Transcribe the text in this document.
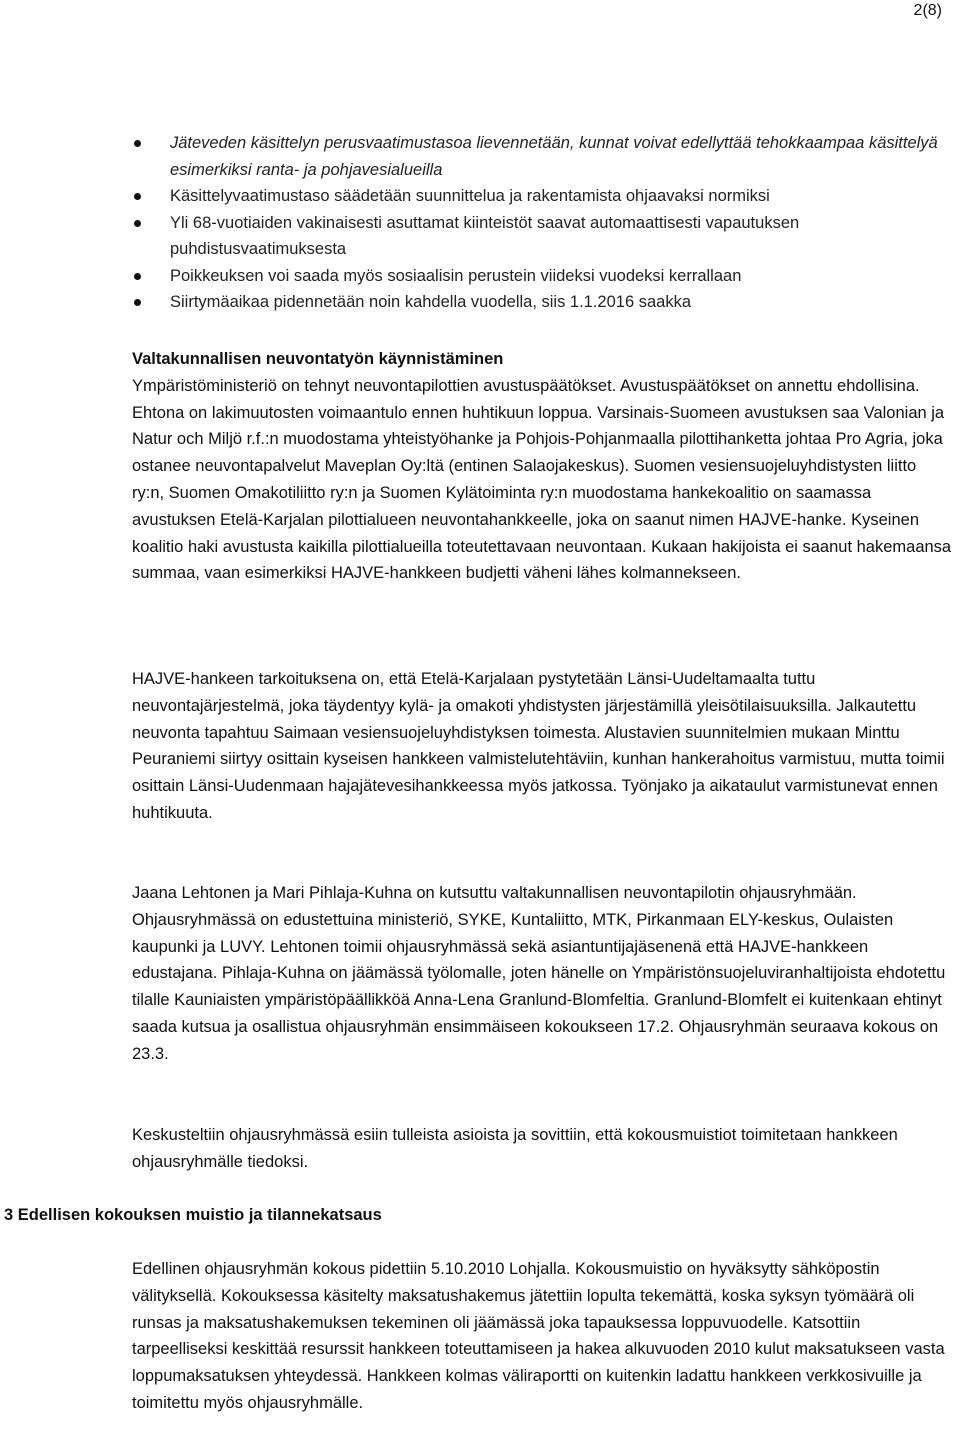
2(8)
Jäteveden käsittelyn perusvaatimustasoa lievennetään, kunnat voivat edellyttää tehokkaampaa käsittelyä esimerkiksi ranta- ja pohjavesialueilla
Käsittelyvaatimustaso säädetään suunnittelua ja rakentamista ohjaavaksi normiksi
Yli 68-vuotiaiden vakinaisesti asuttamat kiinteistöt saavat automaattisesti vapautuksen puhdistusvaatimuksesta
Poikkeuksen voi saada myös sosiaalisin perustein viideksi vuodeksi kerrallaan
Siirtymäaikaa pidennetään noin kahdella vuodella, siis 1.1.2016 saakka

Valtakunnallisen neuvontatyön käynnistäminen

Ympäristöministeriö on tehnyt neuvontapilottien avustuspäätökset. Avustuspäätökset on annettu ehdollisina. Ehtona on lakimuutosten voimaantulo ennen huhtikuun loppua. Varsinais-Suomeen avustuksen saa Valonian ja Natur och Miljö r.f.:n muodostama yhteistyöhanke ja Pohjois-Pohjanmaalla pilottihanketta johtaa Pro Agria, joka ostanee neuvontapalvelut Maveplan Oy:ltä (entinen Salaojakeskus). Suomen vesiensuojeluyhdistysten liitto ry:n, Suomen Omakotiliitto ry:n ja Suomen Kylätoiminta ry:n muodostama hankekoalitio on saamassa avustuksen Etelä-Karjalan pilottialueen neuvontahankkeelle, joka on saanut nimen HAJVE-hanke. Kyseinen koalitio haki avustusta kaikilla pilottialueilla toteutettavaan neuvontaan. Kukaan hakijoista ei saanut hakemaansa summaa, vaan esimerkiksi HAJVE-hankkeen budjetti väheni lähes kolmannekseen.

HAJVE-hankeen tarkoituksena on, että Etelä-Karjalaan pystytetään Länsi-Uudeltamaalta tuttu neuvontajärjestelmä, joka täydentyy kylä- ja omakoti yhdistysten järjestämillä yleisötilaisuuksilla. Jalkautettu neuvonta tapahtuu Saimaan vesiensuojeluyhdistyksen toimesta. Alustavien suunnitelmien mukaan Minttu Peuraniemi siirtyy osittain kyseisen hankkeen valmistelutehtäviin, kunhan hankerahoitus varmistuu, mutta toimii osittain Länsi-Uudenmaan hajajätevesihankkeessa myös jatkossa. Työnjako ja aikataulut varmistunevat ennen huhtikuuta.

Jaana Lehtonen ja Mari Pihlaja-Kuhna on kutsuttu valtakunnallisen neuvontapilotin ohjausryhmään. Ohjausryhmässä on edustettuina ministeriö, SYKE, Kuntaliitto, MTK, Pirkanmaan ELY-keskus, Oulaisten kaupunki ja LUVY. Lehtonen toimii ohjausryhmässä sekä asiantuntijajäsenenä että HAJVE-hankkeen edustajana. Pihlaja-Kuhna on jäämässä työlomalle, joten hänelle on Ympäristönsuojeluviranhaltijoista ehdotettu tilalle Kauniaisten ympäristöpäällikköä Anna-Lena Granlund-Blomfeltia. Granlund-Blomfelt ei kuitenkaan ehtinyt saada kutsua ja osallistua ohjausryhmän ensimmäiseen kokoukseen 17.2. Ohjausryhmän seuraava kokous on 23.3.

Keskusteltiin ohjausryhmässä esiin tulleista asioista ja sovittiin, että kokousmuistiot toimitetaan hankkeen ohjausryhmälle tiedoksi.

3 Edellisen kokouksen muistio ja tilannekatsaus

Edellinen ohjausryhmän kokous pidettiin 5.10.2010 Lohjalla. Kokousmuistio on hyväksytty sähköpostin välityksellä. Kokouksessa käsitelty maksatushakemus jätettiin lopulta tekemättä, koska syksyn työmäärä oli runsas ja maksatushakemuksen tekeminen oli jäämässä joka tapauksessa loppuvuodelle. Katsottiin tarpeelliseksi keskittää resurssit hankkeen toteuttamiseen ja hakea alkuvuoden 2010 kulut maksatukseen vasta loppumaksatuksen yhteydessä. Hankkeen kolmas väliraportti on kuitenkin ladattu hankkeen verkkosivuille ja toimitettu myös ohjausryhmälle.
